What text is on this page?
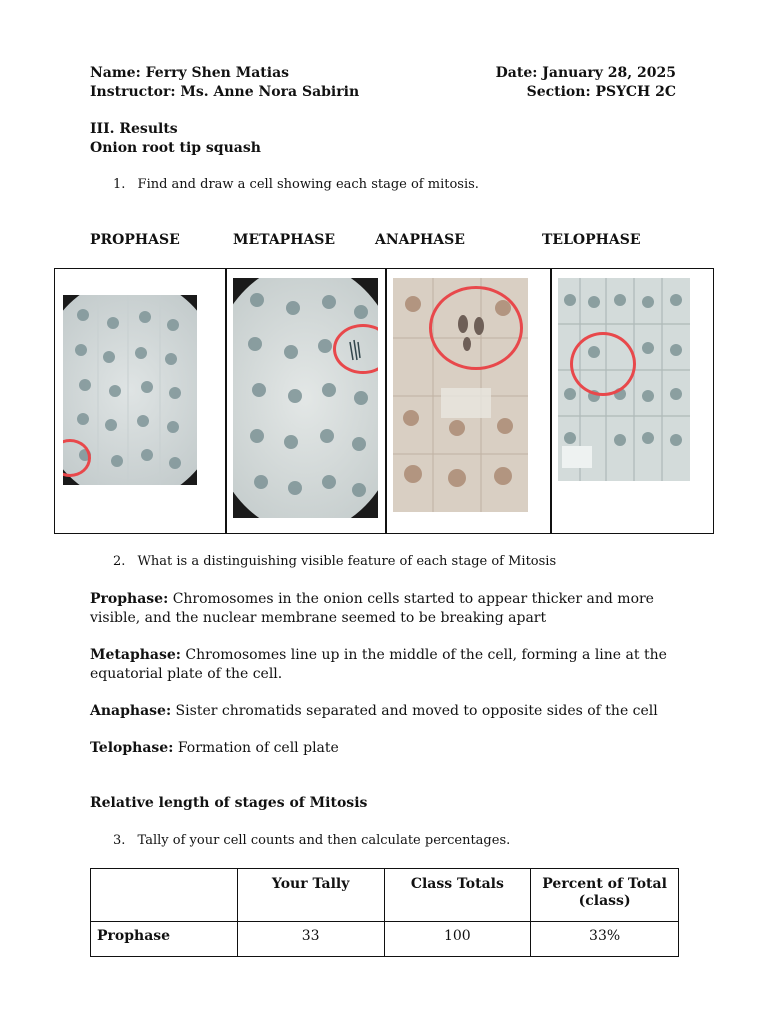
Name: Ferry Shen Matias
Instructor: Ms. Anne Nora Sabirin
Date: January 28, 2025
Section: PSYCH 2C
III. Results
Onion root tip squash
1. Find and draw a cell showing each stage of mitosis.
PROPHASE	METAPHASE	ANAPHASE	TELOPHASE
2. What is a distinguishing visible feature of each stage of Mitosis
Prophase: Chromosomes in the onion cells started to appear thicker and more visible, and the nuclear membrane seemed to be breaking apart
Metaphase: Chromosomes line up in the middle of the cell, forming a line at the equatorial plate of the cell.
Anaphase: Sister chromatids separated and moved to opposite sides of the cell
Telophase: Formation of cell plate
Relative length of stages of Mitosis
3. Tally of your cell counts and then calculate percentages.
	Your Tally	Class Totals	Percent of Total (class)
Prophase	33	100	33%
